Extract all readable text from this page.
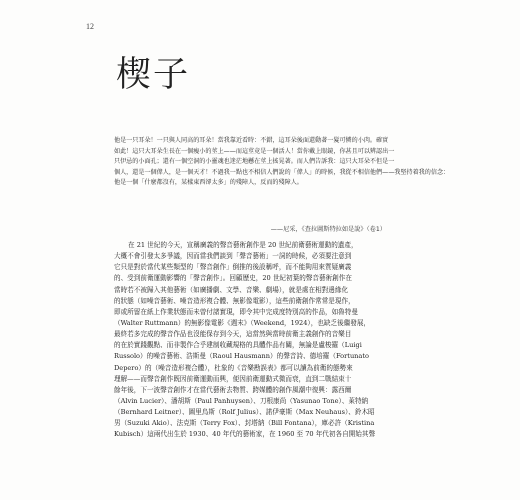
12
楔子
他是一只耳朵！一只與人同高的耳朵！當我靠近看時：不錯，這耳朵後面還動著一髮可憐的小肉。確實
如此！這只大耳朵生長在一個瘦小的莖上——而這莖竟是一個活人！當你戴上眼鏡，你甚且可以辨認出一
只伊忌的小面孔；還有一個空洞的小靈魂也迷茫地懸在莖上搖晃著。而人們告訴我：這只大耳朵不但是一
個人，還是一個偉人，是一個天才！不過我一點也不相信人們說的「偉人」的時候，我從不相信他們——我堅持着我的信念：
他是一個「什麼都沒有，某樣東西卻太多」的殘障人，反而的殘障人。
——尼采，《查拉圖斯特拉如是說》（卷1）
在 21 世紀的今天，宣稱廣義的聲音藝術創作是 20 世紀前衛藝術運動的遺產，
大概不會引發太多爭議，因而當我們談到「聲音藝術」一詞的時候，必須要注意到
它只是對於當代某些類型的「聲音創作」倒推的後設稱呼，而不能夠用來質疑廣義
的、受到前衛運動影響的「聲音創作」。回顧歷史，20 世紀初葉的聲音藝術創作在
當時若不被歸入其他藝術（如廣播劇、文學、音樂、劇場），就是處在相對邊緣化
的狀態（如噪音藝術、噪音造形複合體、無影像電影），這些前衛創作常常是現作，
即或所留在紙上作業狀態而未曾付諸實現，即令其中完成度特別高的作品，如魯特曼
（Walter Ruttmann）的無影像電影《週末》（Weekend，1924），也缺乏後繼發展，
最終若多完成的聲音作品也沒能保存到今天，這當然與當時前衛主義創作的音樂目
的在於實踐觀點、而非製作合乎建制收藏規格的具體作品有關，無論是盧梭羅（Luigi
Russolo）的噪音藝術、浩斯曼（Raoul Hausmann）的聲音詩、德培羅（Fortunato
Depero）的（噪音造形複合體），杜象的《音樂勘誤表》都可以讀為前衛的態勢來
理解——而聲音創作既因前衛運動而興，便因前衛運動式微而衰，直到二戰結束十
餘年後，下一波聲音創作才在當代藝術去物質、跨媒體的創作風潮中復興：露西爾
（Alvin Lucier）、潘胡斯（Paul Panhuysen）、刀根康尚（Yasunao Tone）、萊特納
（Bernhard Leitner）、圖里烏斯（Rolf Julius）、諾伊豪斯（Max Neuhaus）、鈴木昭
男（Suzuki Akio）、法克斯（Terry Fox）、封塔納（Bill Fontana），庫必許（Kristina
Kubisch）這兩代出生於 1930、40 年代的藝術家，在 1960 至 70 年代初各自開始其聲
